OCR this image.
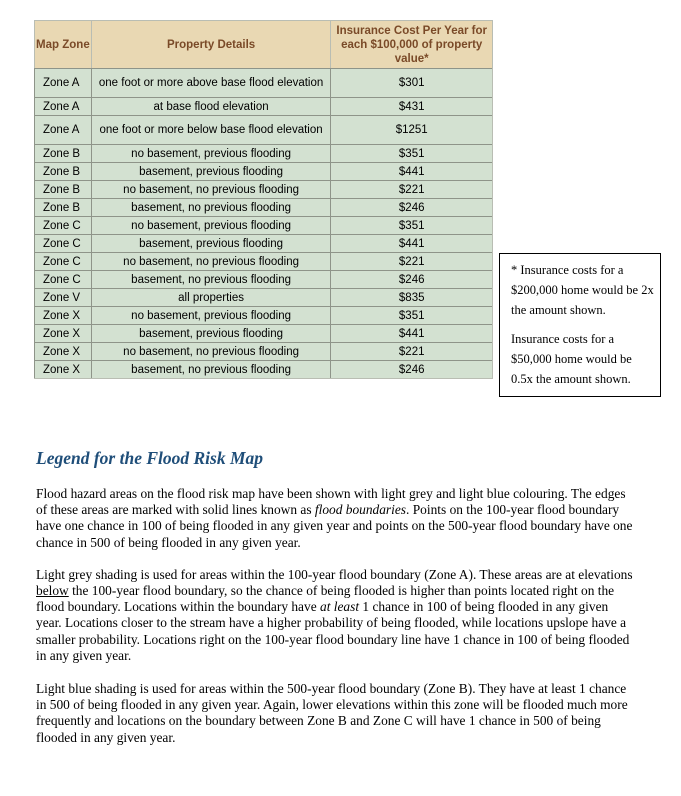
Map Zone	Property Details	Insurance Cost Per Year for each $100,000 of property value*
Zone A	one foot or more above base flood elevation	$301
Zone A	at base flood elevation	$431
Zone A	one foot or more below base flood elevation	$1251
Zone B	no basement, previous flooding	$351
Zone B	basement, previous flooding	$441
Zone B	no basement, no previous flooding	$221
Zone B	basement, no previous flooding	$246
Zone C	no basement, previous flooding	$351
Zone C	basement, previous flooding	$441
Zone C	no basement, no previous flooding	$221
Zone C	basement, no previous flooding	$246
Zone V	all properties	$835
Zone X	no basement, previous flooding	$351
Zone X	basement, previous flooding	$441
Zone X	no basement, no previous flooding	$221
Zone X	basement, no previous flooding	$246

* Insurance costs for a $200,000 home would be 2x the amount shown.

Insurance costs for a $50,000 home would be 0.5x the amount shown.

Legend for the Flood Risk Map

Flood hazard areas on the flood risk map have been shown with light grey and light blue colouring. The edges of these areas are marked with solid lines known as flood boundaries. Points on the 100-year flood boundary have one chance in 100 of being flooded in any given year and points on the 500-year flood boundary have one chance in 500 of being flooded in any given year.

Light grey shading is used for areas within the 100-year flood boundary (Zone A). These areas are at elevations below the 100-year flood boundary, so the chance of being flooded is higher than points located right on the flood boundary. Locations within the boundary have at least 1 chance in 100 of being flooded in any given year. Locations closer to the stream have a higher probability of being flooded, while locations upslope have a smaller probability. Locations right on the 100-year flood boundary line have 1 chance in 100 of being flooded in any given year.

Light blue shading is used for areas within the 500-year flood boundary (Zone B). They have at least 1 chance in 500 of being flooded in any given year. Again, lower elevations within this zone will be flooded much more frequently and locations on the boundary between Zone B and Zone C will have 1 chance in 500 of being flooded in any given year.
